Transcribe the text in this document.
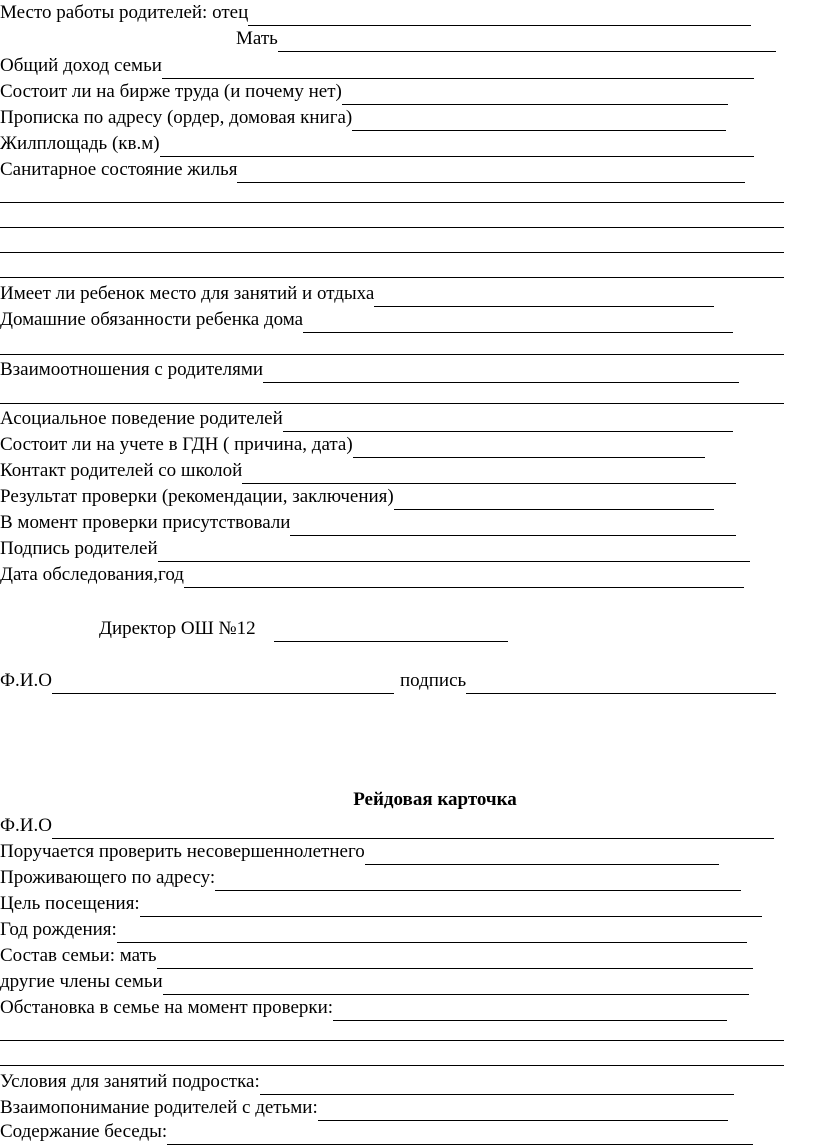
Место работы родителей: отец
Мать
Общий доход семьи
Состоит ли на бирже труда (и почему нет)
Прописка по адресу (ордер, домовая книга)
Жилплощадь (кв.м)
Санитарное состояние жилья
Имеет ли ребенок место для занятий и отдыха
Домашние обязанности ребенка дома
Взаимоотношения с родителями
Асоциальное поведение родителей
Состоит ли на учете в ГДН ( причина, дата)
Контакт родителей со школой
Результат проверки (рекомендации, заключения)
В момент проверки присутствовали
Подпись родителей
Дата обследования,год
Директор ОШ №12
Ф.И.О	подпись
Рейдовая карточка
Ф.И.О
Поручается проверить несовершеннолетнего
Проживающего по адресу:
Цель посещения:
Год рождения:
Состав семьи: мать
другие члены семьи
Обстановка в семье на момент проверки:
Условия для занятий подростка:
Взаимопонимание родителей с детьми:
Содержание беседы:
